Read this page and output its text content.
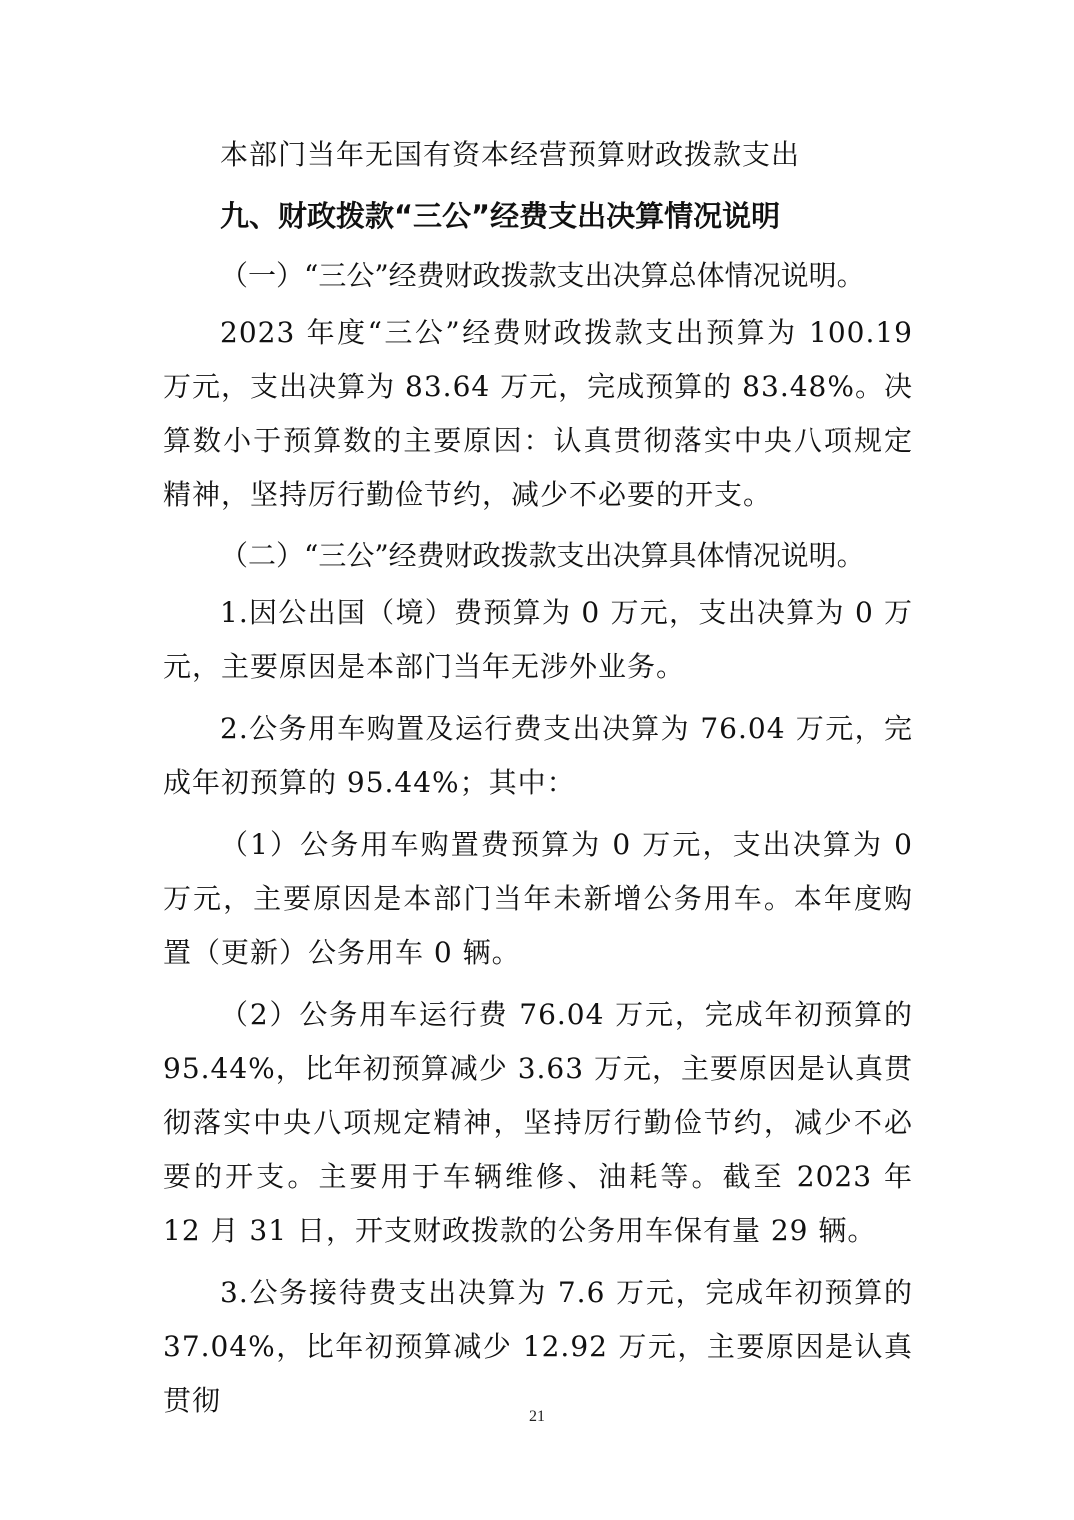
本部门当年无国有资本经营预算财政拨款支出

九、财政拨款“三公”经费支出决算情况说明

（一）“三公”经费财政拨款支出决算总体情况说明。

2023 年度“三公”经费财政拨款支出预算为 100.19 万元，支出决算为 83.64 万元，完成预算的 83.48%。决算数小于预算数的主要原因：认真贯彻落实中央八项规定精神，坚持厉行勤俭节约，减少不必要的开支。

（二）“三公”经费财政拨款支出决算具体情况说明。

1.因公出国（境）费预算为 0 万元，支出决算为 0 万元，主要原因是本部门当年无涉外业务。

2.公务用车购置及运行费支出决算为 76.04 万元，完成年初预算的 95.44%；其中：

（1）公务用车购置费预算为 0 万元，支出决算为 0 万元，主要原因是本部门当年未新增公务用车。本年度购置（更新）公务用车 0 辆。

（2）公务用车运行费 76.04 万元，完成年初预算的 95.44%，比年初预算减少 3.63 万元，主要原因是认真贯彻落实中央八项规定精神，坚持厉行勤俭节约，减少不必要的开支。主要用于车辆维修、油耗等。截至 2023 年 12 月 31 日，开支财政拨款的公务用车保有量 29 辆。

3.公务接待费支出决算为 7.6 万元，完成年初预算的 37.04%，比年初预算减少 12.92 万元，主要原因是认真贯彻	21
